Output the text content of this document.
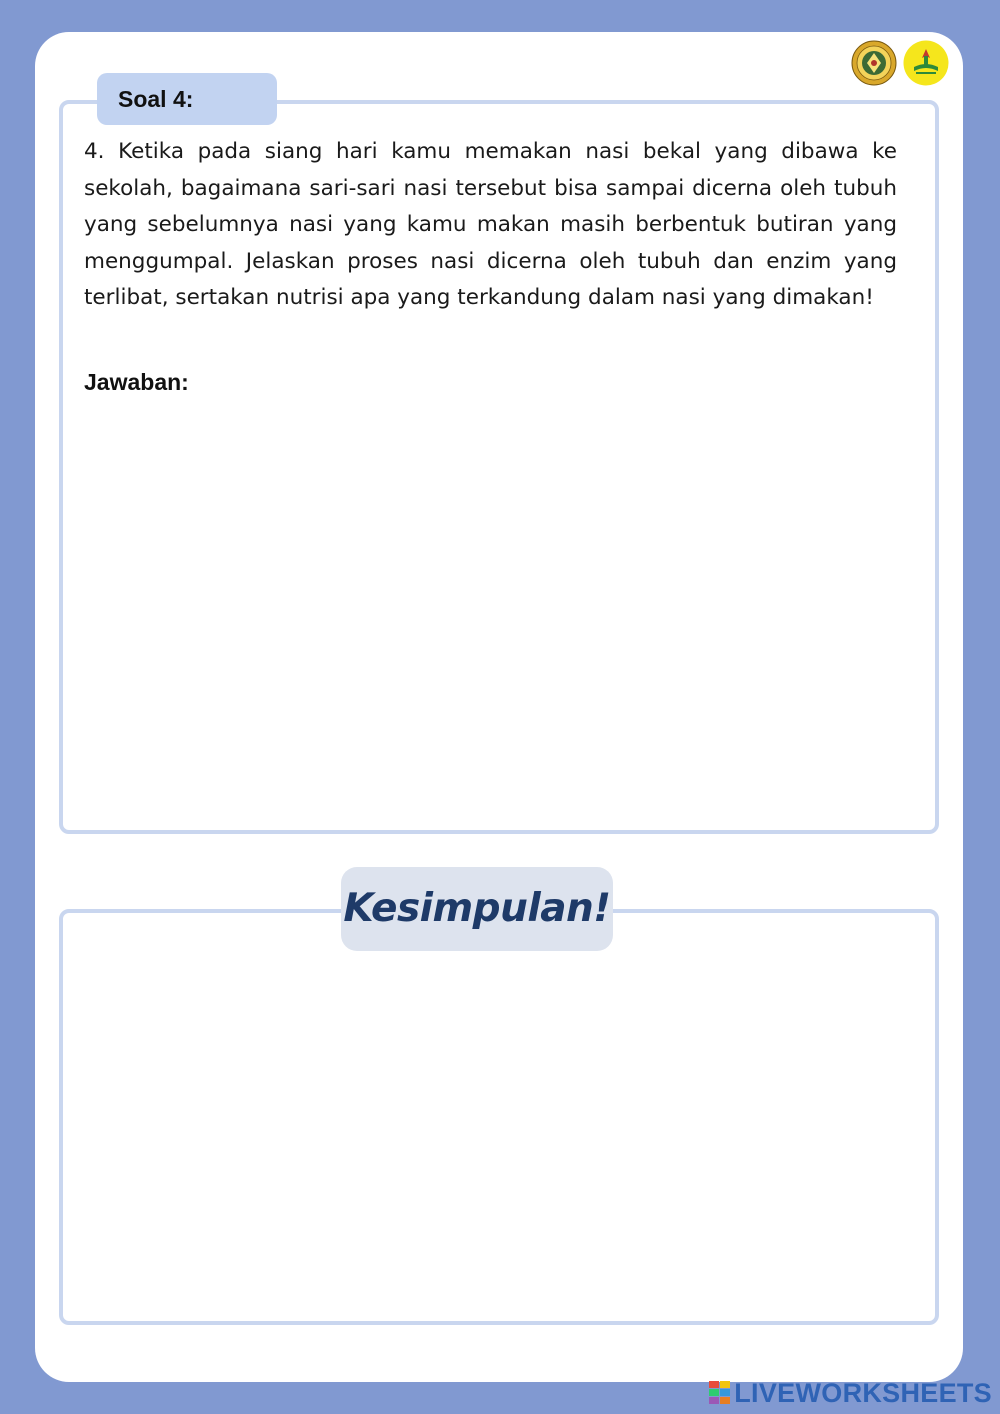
Soal 4:

4. Ketika pada siang hari kamu memakan nasi bekal yang dibawa ke sekolah, bagaimana sari-sari nasi tersebut bisa sampai dicerna oleh tubuh yang sebelumnya nasi yang kamu makan masih berbentuk butiran yang menggumpal. Jelaskan proses nasi dicerna oleh tubuh dan enzim yang terlibat, sertakan nutrisi apa yang terkandung dalam nasi yang dimakan!

Jawaban:
Kesimpulan!
LIVEWORKSHEETS
